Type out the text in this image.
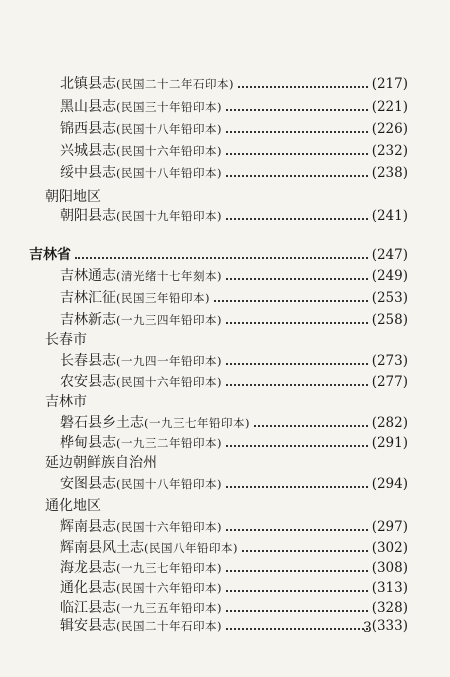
北镇县志 (民国二十二年石印本)	(217)
黑山县志 (民国三十年铅印本)	(221)
锦西县志 (民国十八年铅印本)	(226)
兴城县志 (民国十六年铅印本)	(232)
绥中县志 (民国十八年铅印本)	(238)
朝阳地区
朝阳县志 (民国十九年铅印本)	(241)
吉林省	(247)
吉林通志 (清光绪十七年刻本)	(249)
吉林汇征 (民国三年铅印本)	(253)
吉林新志 (一九三四年铅印本)	(258)
长春市
长春县志 (一九四一年铅印本)	(273)
农安县志 (民国十六年铅印本)	(277)
吉林市
磐石县乡土志 (一九三七年铅印本)	(282)
桦甸县志 (一九三二年铅印本)	(291)
延边朝鲜族自治州
安图县志 (民国十八年铅印本)	(294)
通化地区
辉南县志 (民国十六年铅印本)	(297)
辉南县风土志 (民国八年铅印本)	(302)
海龙县志 (一九三七年铅印本)	(308)
通化县志 (民国十六年铅印本)	(313)
临江县志 (一九三五年铅印本)	(328)
辑安县志 (民国二十年石印本)	(333)
3
